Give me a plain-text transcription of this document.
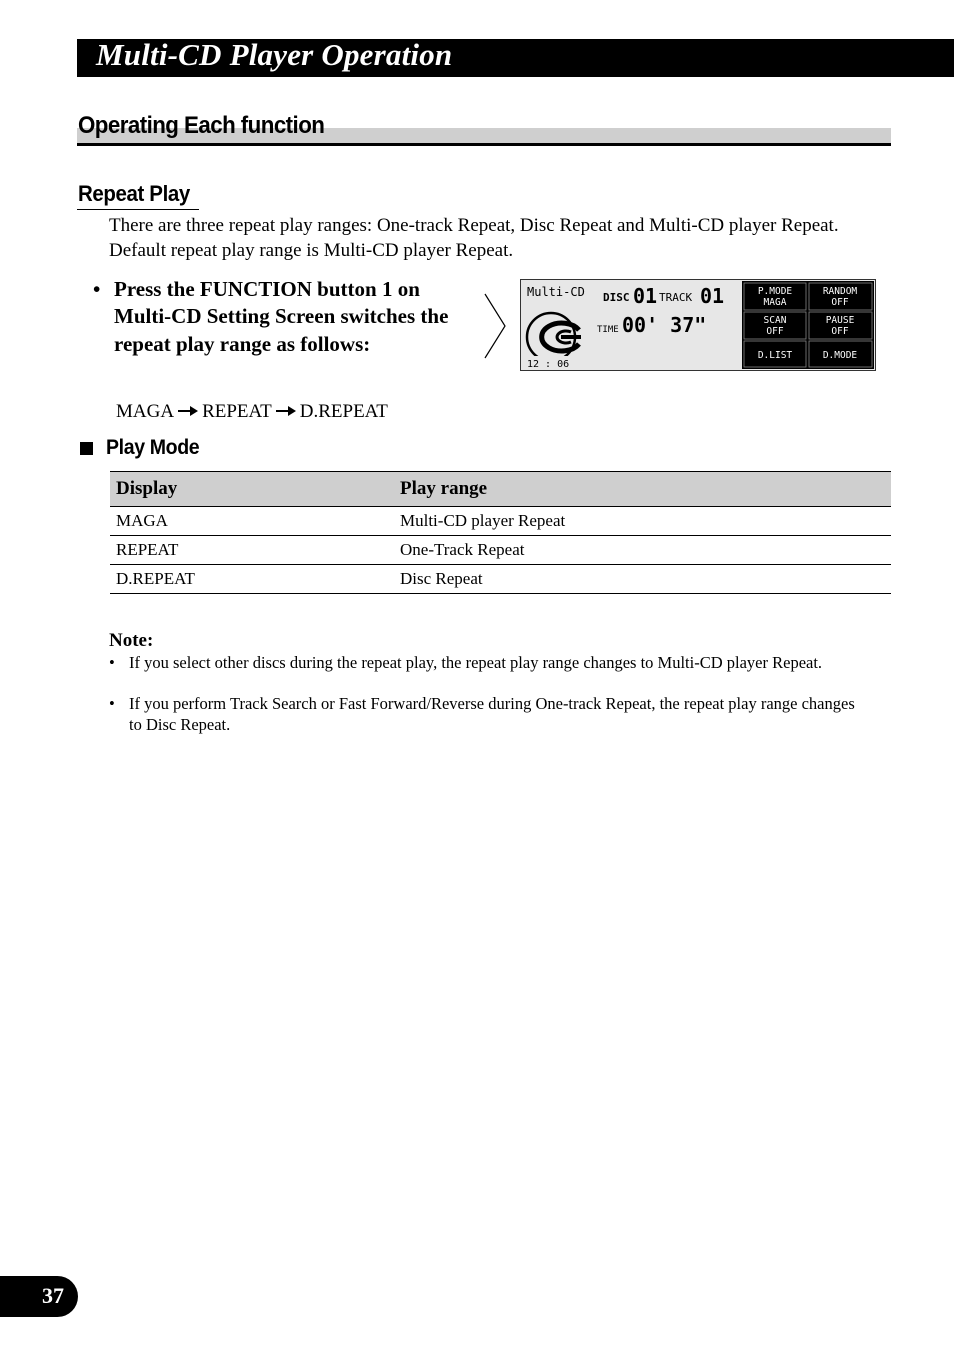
Multi-CD Player Operation
Operating Each function
Repeat Play
There are three repeat play ranges: One-track Repeat, Disc Repeat and Multi-CD player Repeat. Default repeat play range is Multi-CD player Repeat.
• Press the FUNCTION button 1 on Multi-CD Setting Screen switches the repeat play range as follows:
MAGA REPEAT D.REPEAT
Multi-CD DISC 01 TRACK 01
TIME 00' 37"
12 : 06
P.MODE
MAGA
RANDOM
OFF
SCAN
OFF
PAUSE
OFF
D.LIST	D.MODE
Play Mode
Display	Play range
MAGA	Multi-CD player Repeat
REPEAT	One-Track Repeat
D.REPEAT	Disc Repeat
Note:
• If you select other discs during the repeat play, the repeat play range changes to Multi-CD player Repeat.
• If you perform Track Search or Fast Forward/Reverse during One-track Repeat, the repeat play range changes to Disc Repeat.
37
